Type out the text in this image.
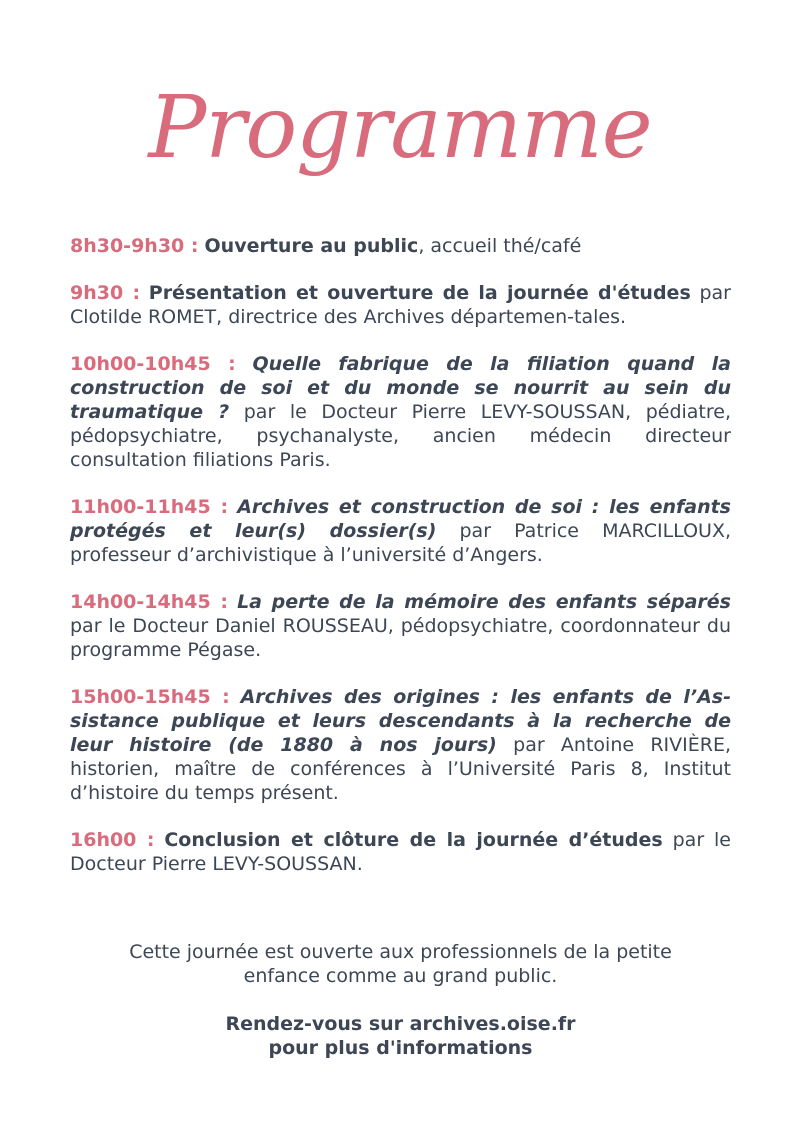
Programme

8h30-9h30 : Ouverture au public, accueil thé/café

9h30 : Présentation et ouverture de la journée d'études par Clotilde ROMET, directrice des Archives départemen-tales.

10h00-10h45 : Quelle fabrique de la filiation quand la construction de soi et du monde se nourrit au sein du traumatique ? par le Docteur Pierre LEVY-SOUSSAN, pédiatre, pédopsychiatre, psychanalyste, ancien médecin directeur consultation filiations Paris.

11h00-11h45 : Archives et construction de soi : les enfants protégés et leur(s) dossier(s) par Patrice MARCILLOUX, professeur d’archivistique à l’université d’Angers.

14h00-14h45 : La perte de la mémoire des enfants séparés par le Docteur Daniel ROUSSEAU, pédopsychiatre, coordonnateur du programme Pégase.

15h00-15h45 : Archives des origines : les enfants de l’As-sistance publique et leurs descendants à la recherche de leur histoire (de 1880 à nos jours) par Antoine RIVIÈRE, historien, maître de conférences à l’Université Paris 8, Institut d’histoire du temps présent.

16h00 : Conclusion et clôture de la journée d’études par le Docteur Pierre LEVY-SOUSSAN.

Cette journée est ouverte aux professionnels de la petite
enfance comme au grand public.
Rendez-vous sur archives.oise.fr
pour plus d'informations
